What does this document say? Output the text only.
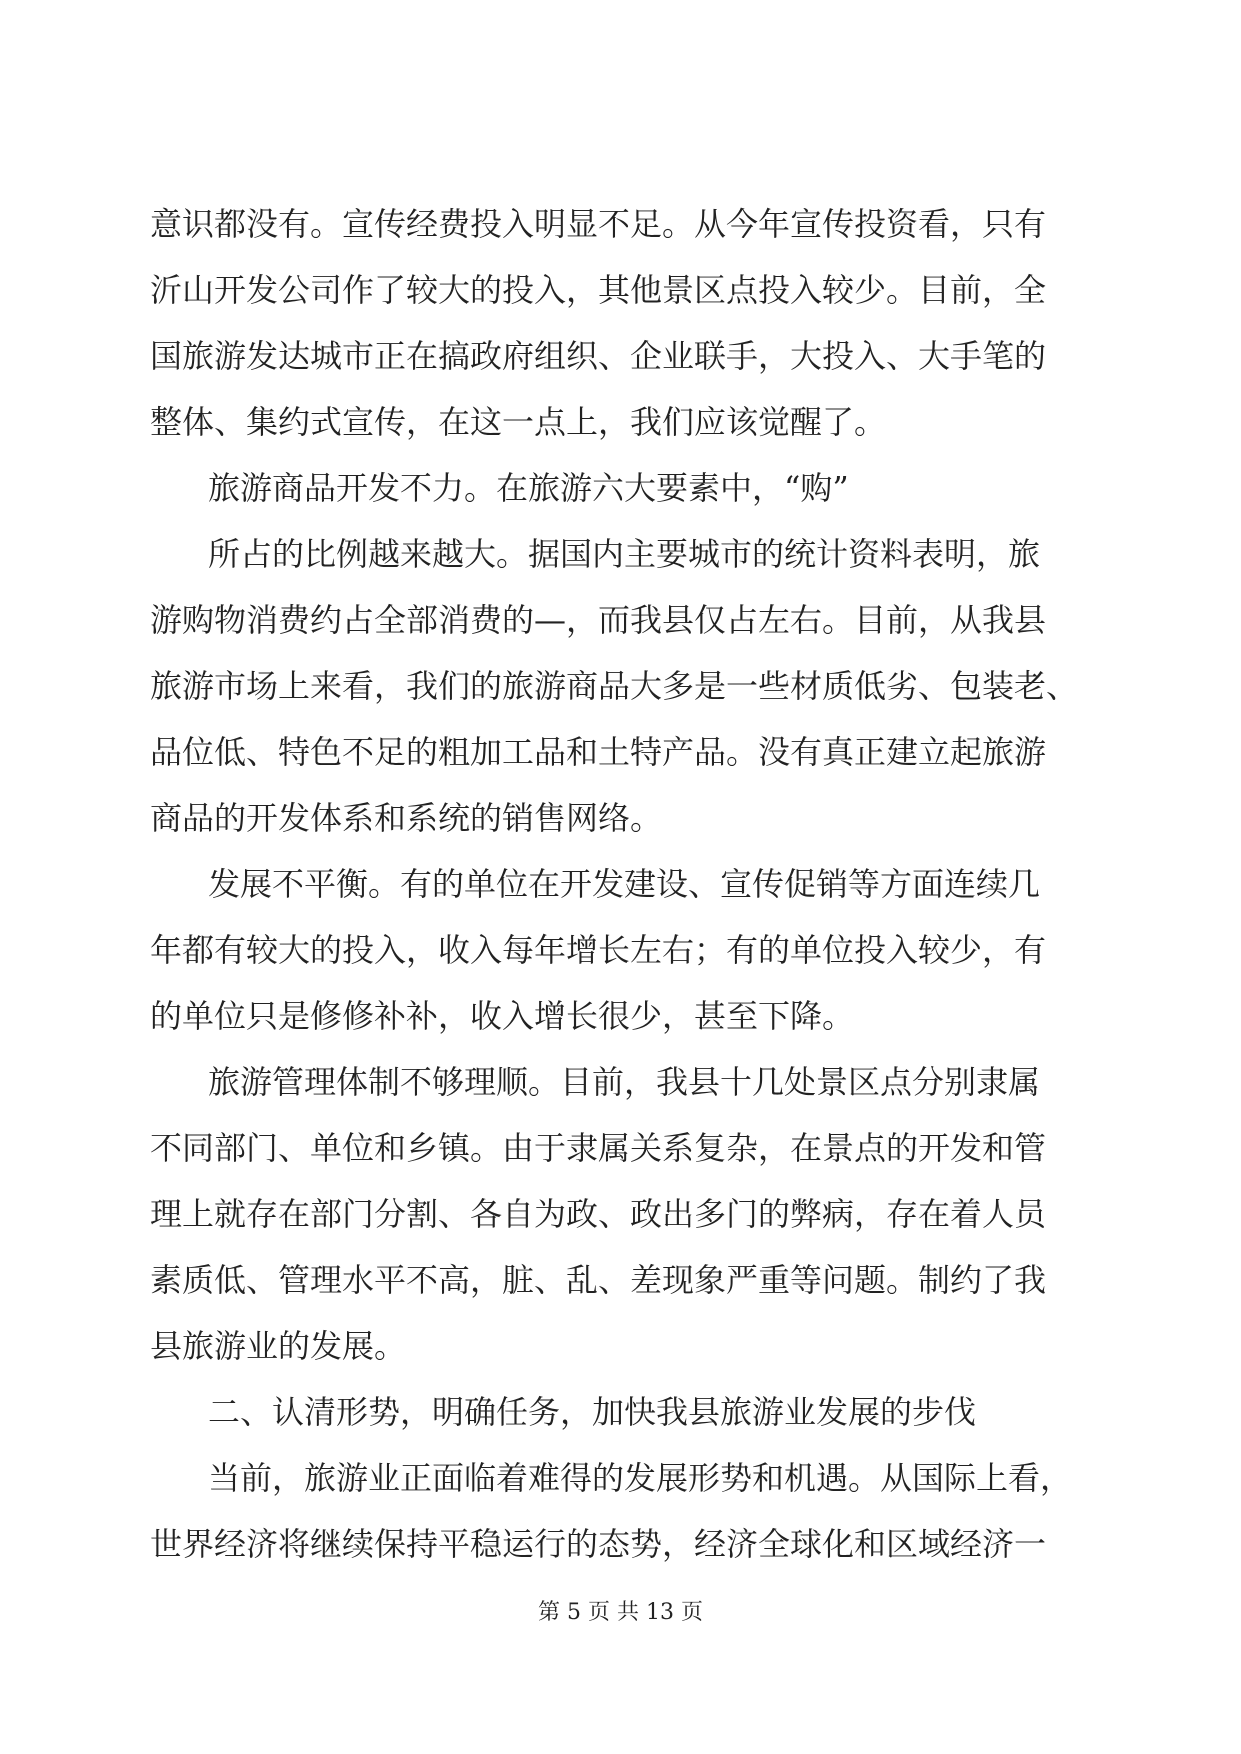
意识都没有。宣传经费投入明显不足。从今年宣传投资看，只有
沂山开发公司作了较大的投入，其他景区点投入较少。目前，全
国旅游发达城市正在搞政府组织、企业联手，大投入、大手笔的
整体、集约式宣传，在这一点上，我们应该觉醒了。
旅游商品开发不力。在旅游六大要素中，“购”
所占的比例越来越大。据国内主要城市的统计资料表明，旅
游购物消费约占全部消费的—，而我县仅占左右。目前，从我县
旅游市场上来看，我们的旅游商品大多是一些材质低劣、包装老、
品位低、特色不足的粗加工品和土特产品。没有真正建立起旅游
商品的开发体系和系统的销售网络。
发展不平衡。有的单位在开发建设、宣传促销等方面连续几
年都有较大的投入，收入每年增长左右；有的单位投入较少，有
的单位只是修修补补，收入增长很少，甚至下降。
旅游管理体制不够理顺。目前，我县十几处景区点分别隶属
不同部门、单位和乡镇。由于隶属关系复杂，在景点的开发和管
理上就存在部门分割、各自为政、政出多门的弊病，存在着人员
素质低、管理水平不高，脏、乱、差现象严重等问题。制约了我
县旅游业的发展。
二、认清形势，明确任务，加快我县旅游业发展的步伐
当前，旅游业正面临着难得的发展形势和机遇。从国际上看，
世界经济将继续保持平稳运行的态势，经济全球化和区域经济一
第 5 页 共 13 页
